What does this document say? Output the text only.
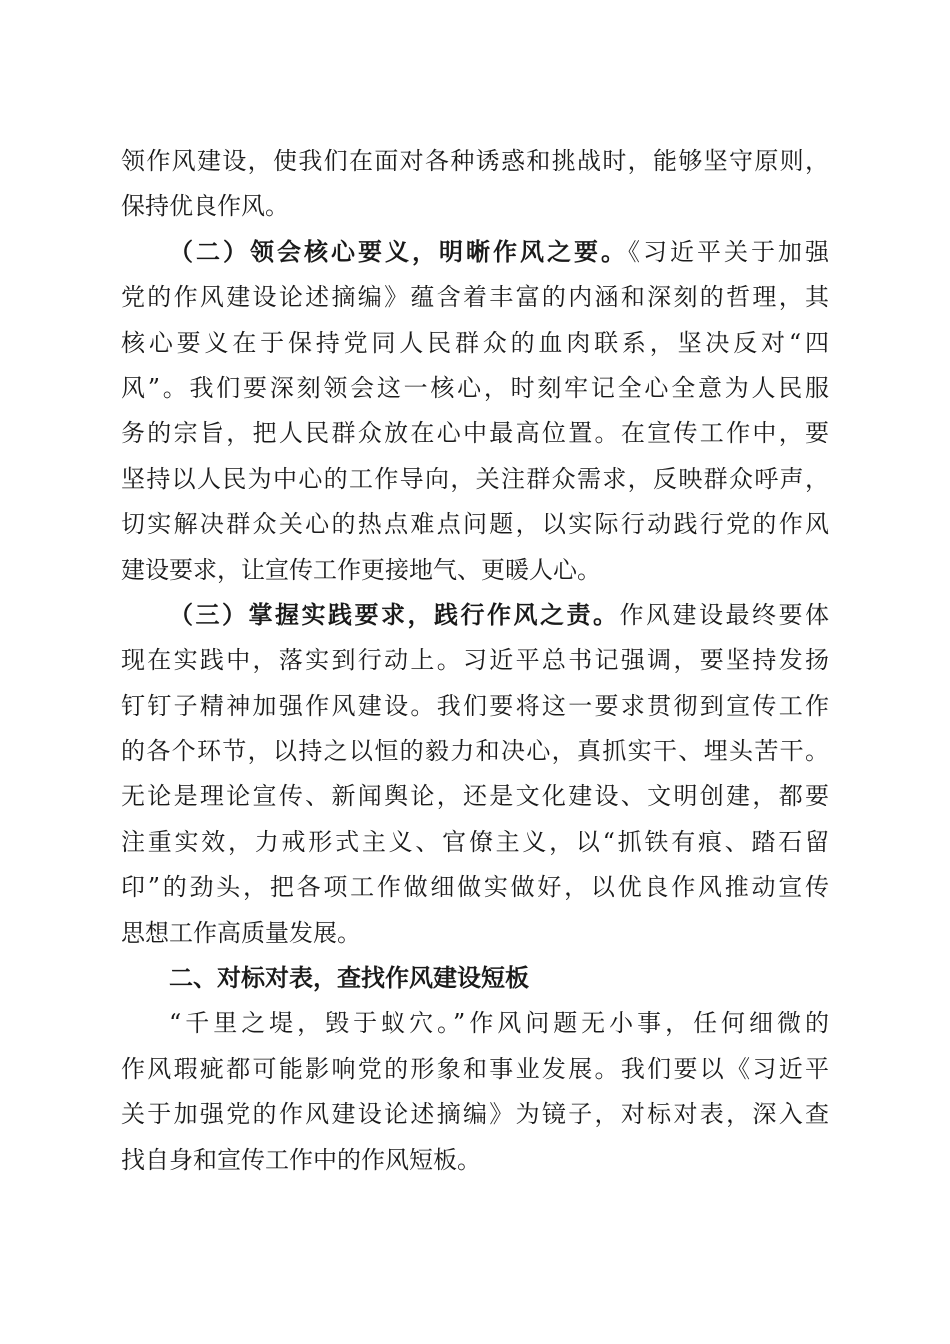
领作风建设，使我们在面对各种诱惑和挑战时，能够坚守原则，
保持优良作风。
（二）领会核心要义，明晰作风之要。《习近平关于加强
党的作风建设论述摘编》蕴含着丰富的内涵和深刻的哲理，其
核心要义在于保持党同人民群众的血肉联系，坚决反对“四
风”。我们要深刻领会这一核心，时刻牢记全心全意为人民服
务的宗旨，把人民群众放在心中最高位置。在宣传工作中，要
坚持以人民为中心的工作导向，关注群众需求，反映群众呼声，
切实解决群众关心的热点难点问题，以实际行动践行党的作风
建设要求，让宣传工作更接地气、更暖人心。
（三）掌握实践要求，践行作风之责。作风建设最终要体
现在实践中，落实到行动上。习近平总书记强调，要坚持发扬
钉钉子精神加强作风建设。我们要将这一要求贯彻到宣传工作
的各个环节，以持之以恒的毅力和决心，真抓实干、埋头苦干。
无论是理论宣传、新闻舆论，还是文化建设、文明创建，都要
注重实效，力戒形式主义、官僚主义，以“抓铁有痕、踏石留
印”的劲头，把各项工作做细做实做好，以优良作风推动宣传
思想工作高质量发展。
二、对标对表，查找作风建设短板
“千里之堤，毁于蚁穴。”作风问题无小事，任何细微的
作风瑕疵都可能影响党的形象和事业发展。我们要以《习近平
关于加强党的作风建设论述摘编》为镜子，对标对表，深入查
找自身和宣传工作中的作风短板。
